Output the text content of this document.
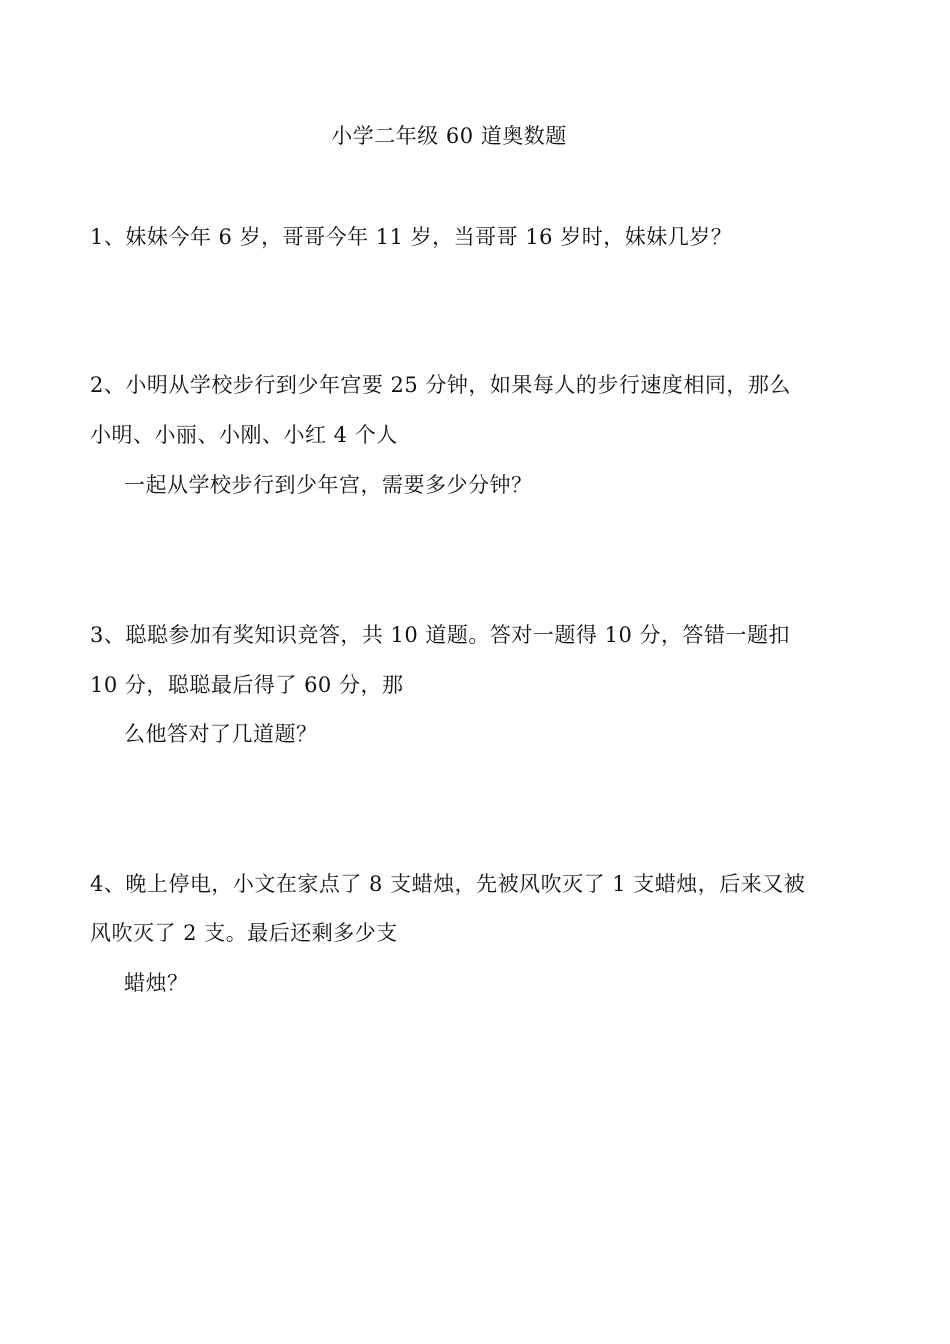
小学二年级 60 道奥数题
1、妹妹今年 6 岁，哥哥今年 11 岁，当哥哥 16 岁时，妹妹几岁？
2、小明从学校步行到少年宫要 25 分钟，如果每人的步行速度相同，那么
小明、小丽、小刚、小红 4 个人
一起从学校步行到少年宫，需要多少分钟？
3、聪聪参加有奖知识竞答，共 10 道题。答对一题得 10 分，答错一题扣
10 分，聪聪最后得了 60 分，那
么他答对了几道题？
4、晚上停电，小文在家点了 8 支蜡烛，先被风吹灭了 1 支蜡烛，后来又被
风吹灭了 2 支。最后还剩多少支
蜡烛？
